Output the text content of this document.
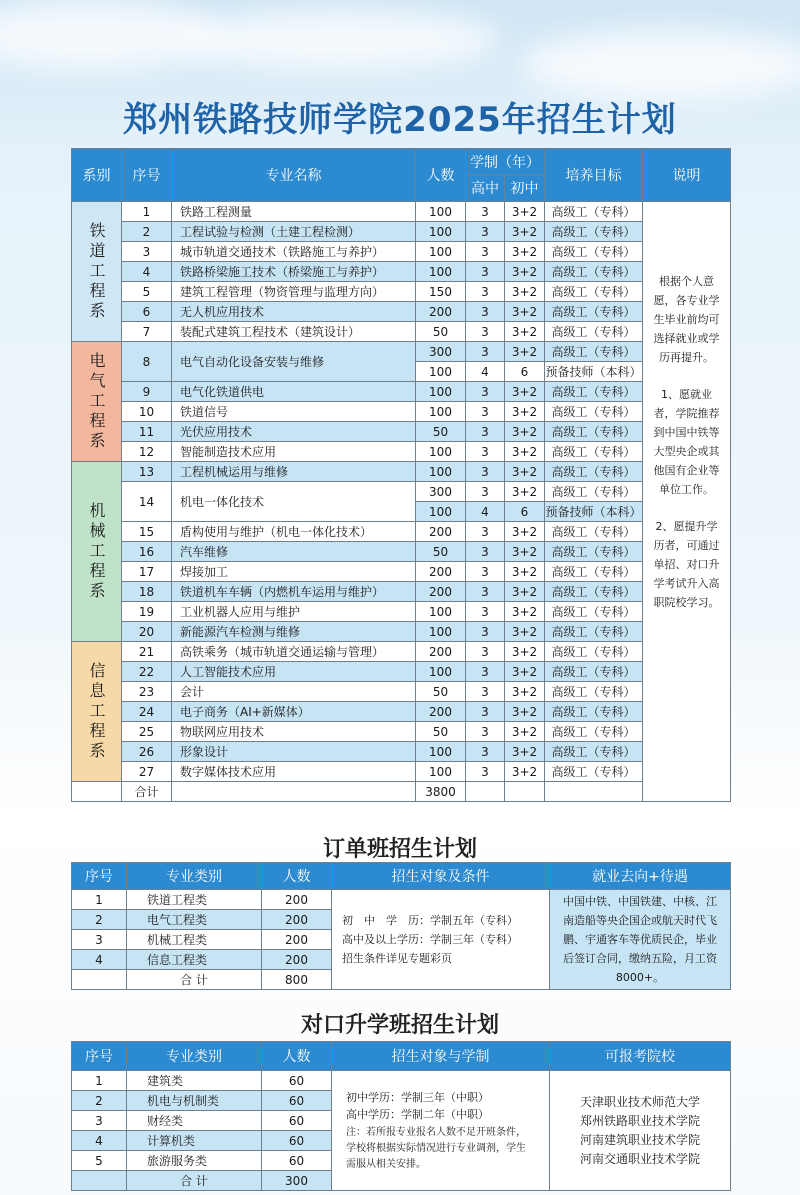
郑州铁路技师学院2025年招生计划
系别	序号	专业名称	人数	学制（年）		培养目标	说明
				高中	初中		
铁道工程系	1	铁路工程测量	100	3	3+2	高级工（专科）	根据个人意愿，各专业学生毕业前均可选择就业或学历再提升。

1、愿就业者，学院推荐到中国中铁等大型央企或其他国有企业等单位工作。

2、愿提升学历者，可通过单招、对口升学考试升入高职院校学习。

	2	工程试验与检测（土建工程检测）	100	3	3+2	高级工（专科）	
	3	城市轨道交通技术（铁路施工与养护）	100	3	3+2	高级工（专科）	
	4	铁路桥梁施工技术（桥梁施工与养护）	100	3	3+2	高级工（专科）	
	5	建筑工程管理（物资管理与监理方向）	150	3	3+2	高级工（专科）	
	6	无人机应用技术	200	3	3+2	高级工（专科）	
	7	装配式建筑工程技术（建筑设计）	50	3	3+2	高级工（专科）	
电气工程系	8	电气自动化设备安装与维修	300	3	3+2	高级工（专科）	
			100	4	6	预备技师（本科）	
	9	电气化铁道供电	100	3	3+2	高级工（专科）	
	10	铁道信号	100	3	3+2	高级工（专科）	
	11	光伏应用技术	50	3	3+2	高级工（专科）	
	12	智能制造技术应用	100	3	3+2	高级工（专科）	
机械工程系	13	工程机械运用与维修	100	3	3+2	高级工（专科）	
	14	机电一体化技术	300	3	3+2	高级工（专科）	
			100	4	6	预备技师（本科）	
	15	盾构使用与维护（机电一体化技术）	200	3	3+2	高级工（专科）	
	16	汽车维修	50	3	3+2	高级工（专科）	
	17	焊接加工	200	3	3+2	高级工（专科）	
	18	铁道机车车辆（内燃机车运用与维护）	200	3	3+2	高级工（专科）	
	19	工业机器人应用与维护	100	3	3+2	高级工（专科）	
	20	新能源汽车检测与维修	100	3	3+2	高级工（专科）	
信息工程系	21	高铁乘务（城市轨道交通运输与管理）	200	3	3+2	高级工（专科）	
	22	人工智能技术应用	100	3	3+2	高级工（专科）	
	23	会计	50	3	3+2	高级工（专科）	
	24	电子商务（AI+新媒体）	200	3	3+2	高级工（专科）	
	25	物联网应用技术	50	3	3+2	高级工（专科）	
	26	形象设计	100	3	3+2	高级工（专科）	
	27	数字媒体技术应用	100	3	3+2	高级工（专科）	
	合计		3800				
订单班招生计划
序号	专业类别	人数	招生对象及条件	就业去向+待遇
1	铁道工程类	200	初　中　学　历：学制五年（专科）
高中及以上学历：学制三年（专科）
招生条件详见专题彩页	中国中铁、中国铁建、中核、江南造船等央企国企或航天时代飞鹏、宇通客车等优质民企，毕业后签订合同，缴纳五险，月工资8000+。
2	电气工程类	200		
3	机械工程类	200		
4	信息工程类	200		
	合 计	800		
对口升学班招生计划
序号	专业类别	人数	招生对象与学制	可报考院校
1	建筑类	60	初中学历：学制三年（中职）
高中学历：学制二年（中职）
注：若所报专业报名人数不足开班条件，学校将根据实际情况进行专业调剂，学生需服从相关安排。	天津职业技术师范大学
郑州铁路职业技术学院
河南建筑职业技术学院
河南交通职业技术学院

2	机电与机制类	60		
3	财经类	60		
4	计算机类	60		
5	旅游服务类	60		
	合 计	300		
